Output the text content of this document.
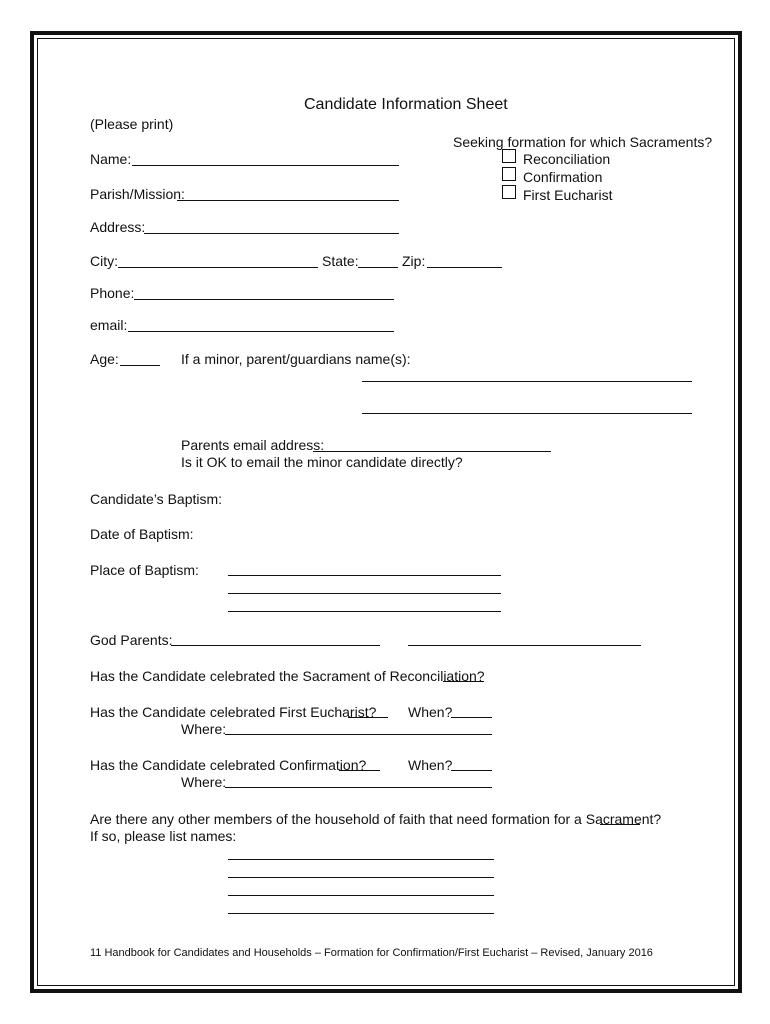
Candidate Information Sheet
(Please print)
Seeking formation for which Sacraments?
Reconciliation
Confirmation
First Eucharist
Name:
Parish/Mission:
Address:
City:	State:	Zip:
Phone:
email:
Age:	If a minor, parent/guardians name(s):
Parents email address:
Is it OK to email the minor candidate directly?
Candidate’s Baptism:
Date of Baptism:
Place of Baptism:
God Parents:
Has the Candidate celebrated the Sacrament of Reconciliation?
Has the Candidate celebrated First Eucharist? When?
Where:
Has the Candidate celebrated Confirmation?	When?
Where:
Are there any other members of the household of faith that need formation for a Sacrament?
If so, please list names:
11 Handbook for Candidates and Households – Formation for Confirmation/First Eucharist – Revised, January 2016
